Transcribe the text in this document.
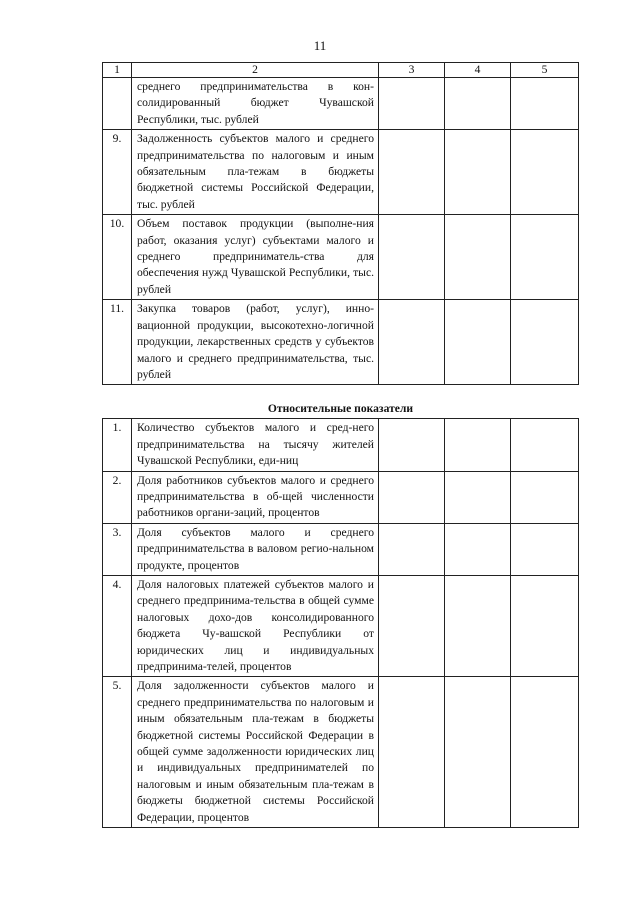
11
1	2	3	4	5
	среднего предпринимательства в кон-солидированный бюджет Чувашской Республики, тыс. рублей			
9.	Задолженность субъектов малого и среднего предпринимательства по налоговым и иным обязательным пла-тежам в бюджеты бюджетной системы Российской Федерации, тыс. рублей			
10.	Объем поставок продукции (выполне-ния работ, оказания услуг) субъектами малого и среднего предприниматель-ства для обеспечения нужд Чувашской Республики, тыс. рублей			
11.	Закупка товаров (работ, услуг), инно-вационной продукции, высокотехно-логичной продукции, лекарственных средств у субъектов малого и среднего предпринимательства, тыс. рублей			
Относительные показатели				
1.	Количество субъектов малого и сред-него предпринимательства на тысячу жителей Чувашской Республики, еди-ниц			
2.	Доля работников субъектов малого и среднего предпринимательства в об-щей численности работников органи-заций, процентов			
3.	Доля субъектов малого и среднего предпринимательства в валовом регио-нальном продукте, процентов			
4.	Доля налоговых платежей субъектов малого и среднего предпринима-тельства в общей сумме налоговых дохо-дов консолидированного бюджета Чу-вашской Республики от юридических лиц и индивидуальных предпринима-телей, процентов			
5.	Доля задолженности субъектов малого и среднего предпринимательства по налоговым и иным обязательным пла-тежам в бюджеты бюджетной системы Российской Федерации в общей сумме задолженности юридических лиц и индивидуальных предпринимателей по налоговым и иным обязательным пла-тежам в бюджеты бюджетной системы Российской Федерации, процентов			
